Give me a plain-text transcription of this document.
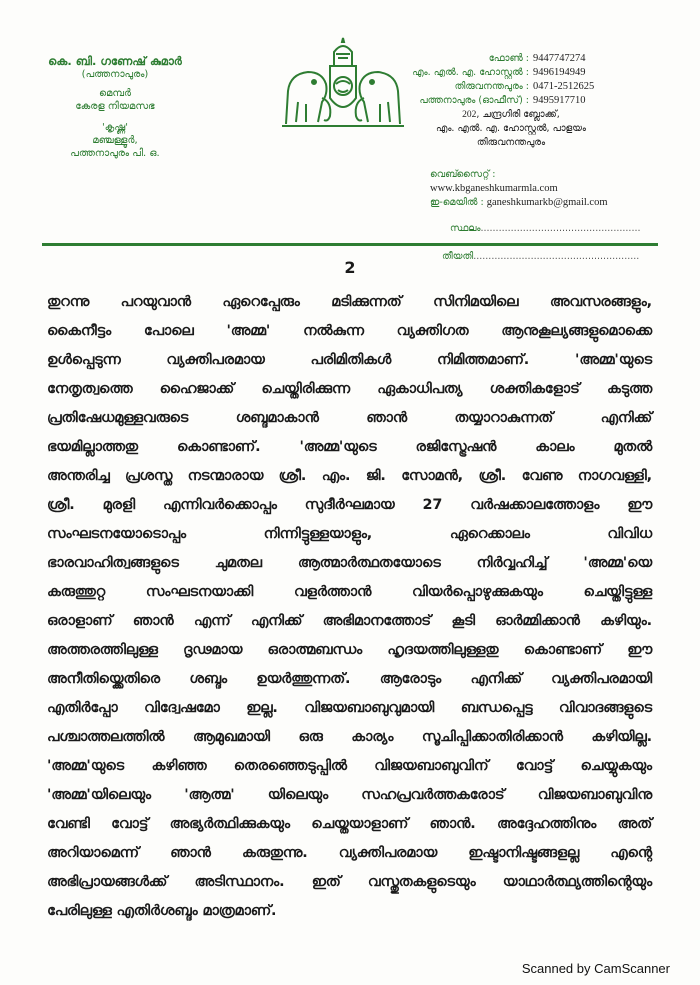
കെ. ബി. ഗണേഷ് കുമാർ
(പത്തനാപുരം)
മെമ്പർ
കേരള നിയമസഭ
'കൃഷ്ണ'
മഞ്ചള്ളൂർ,
പത്തനാപുരം പി. ഒ.
ഫോൺ : 9447747274
എം. എൽ. എ. ഹോസ്റ്റൽ : 9496194949
തിരുവനന്തപുരം : 0471-2512625
പത്തനാപുരം (ഓഫീസ്) : 9495917710
202, ചന്ദ്രഗിരി ബ്ലോക്ക്,
എം. എൽ. എ. ഹോസ്റ്റൽ, പാളയം
തിരുവനന്തപുരം
വെബ്സൈറ്റ് : www.kbganeshkumarmla.com
ഇ-മെയിൽ : ganeshkumarkb@gmail.com
സ്ഥലം.....................................................
തീയതി.......................................................
2
തുറന്നു പറയുവാൻ ഏറെപ്പേരും മടിക്കുന്നത് സിനിമയിലെ അവസരങ്ങളും,
കൈനീട്ടം പോലെ 'അമ്മ' നൽകുന്ന വ്യക്തിഗത ആനുകൂല്യങ്ങളുമൊക്കെ
ഉൾപ്പെടുന്ന വ്യക്തിപരമായ പരിമിതികൾ നിമിത്തമാണ്. 'അമ്മ'യുടെ
നേതൃത്വത്തെ ഹൈജാക്ക് ചെയ്തിരിക്കുന്ന ഏകാധിപത്യ ശക്തികളോട് കടുത്ത
പ്രതിഷേധമുള്ളവരുടെ ശബ്ദമാകാൻ ഞാൻ തയ്യാറാകുന്നത് എനിക്ക്
ഭയമില്ലാത്തതു കൊണ്ടാണ്. 'അമ്മ'യുടെ രജിസ്ട്രേഷൻ കാലം മുതൽ
അന്തരിച്ച പ്രശസ്ത നടന്മാരായ ശ്രീ. എം. ജി. സോമൻ, ശ്രീ. വേണു നാഗവള്ളി,
ശ്രീ. മുരളി എന്നിവർക്കൊപ്പം സുദീർഘമായ 27 വർഷക്കാലത്തോളം ഈ
സംഘടനയോടൊപ്പം നിന്നിട്ടുള്ളയാളും, ഏറെക്കാലം വിവിധ
ഭാരവാഹിത്വങ്ങളുടെ ചുമതല ആത്മാർത്ഥതയോടെ നിർവ്വഹിച്ച് 'അമ്മ'യെ
കരുത്തുറ്റ സംഘടനയാക്കി വളർത്താൻ വിയർപ്പൊഴുക്കുകയും ചെയ്തിട്ടുള്ള
ഒരാളാണ് ഞാൻ എന്ന് എനിക്ക് അഭിമാനത്തോട് കൂടി ഓർമ്മിക്കാൻ കഴിയും.
അത്തരത്തിലുള്ള ദൃഢമായ ഒരാത്മബന്ധം ഹൃദയത്തിലുള്ളതു കൊണ്ടാണ് ഈ
അനീതിയ്ക്കെതിരെ ശബ്ദം ഉയർത്തുന്നത്. ആരോടും എനിക്ക് വ്യക്തിപരമായി
എതിർപ്പോ വിദ്വേഷമോ ഇല്ല. വിജയബാബുവുമായി ബന്ധപ്പെട്ട വിവാദങ്ങളുടെ
പശ്ചാത്തലത്തിൽ ആമുഖമായി ഒരു കാര്യം സൂചിപ്പിക്കാതിരിക്കാൻ കഴിയില്ല.
'അമ്മ'യുടെ കഴിഞ്ഞ തെരഞ്ഞെടുപ്പിൽ വിജയബാബുവിന് വോട്ട് ചെയ്യുകയും
'അമ്മ'യിലെയും 'ആത്മ' യിലെയും സഹപ്രവർത്തകരോട് വിജയബാബുവിനു
വേണ്ടി വോട്ട് അഭ്യർത്ഥിക്കുകയും ചെയ്തയാളാണ് ഞാൻ. അദ്ദേഹത്തിനും അത്
അറിയാമെന്ന് ഞാൻ കരുതുന്നു. വ്യക്തിപരമായ ഇഷ്ടാനിഷ്ടങ്ങളല്ല എന്റെ
അഭിപ്രായങ്ങൾക്ക് അടിസ്ഥാനം. ഇത് വസ്തുതകളുടെയും യാഥാർത്ഥ്യത്തിന്റെയും
പേരിലുള്ള എതിർശബ്ദം മാത്രമാണ്.
Scanned by CamScanner
